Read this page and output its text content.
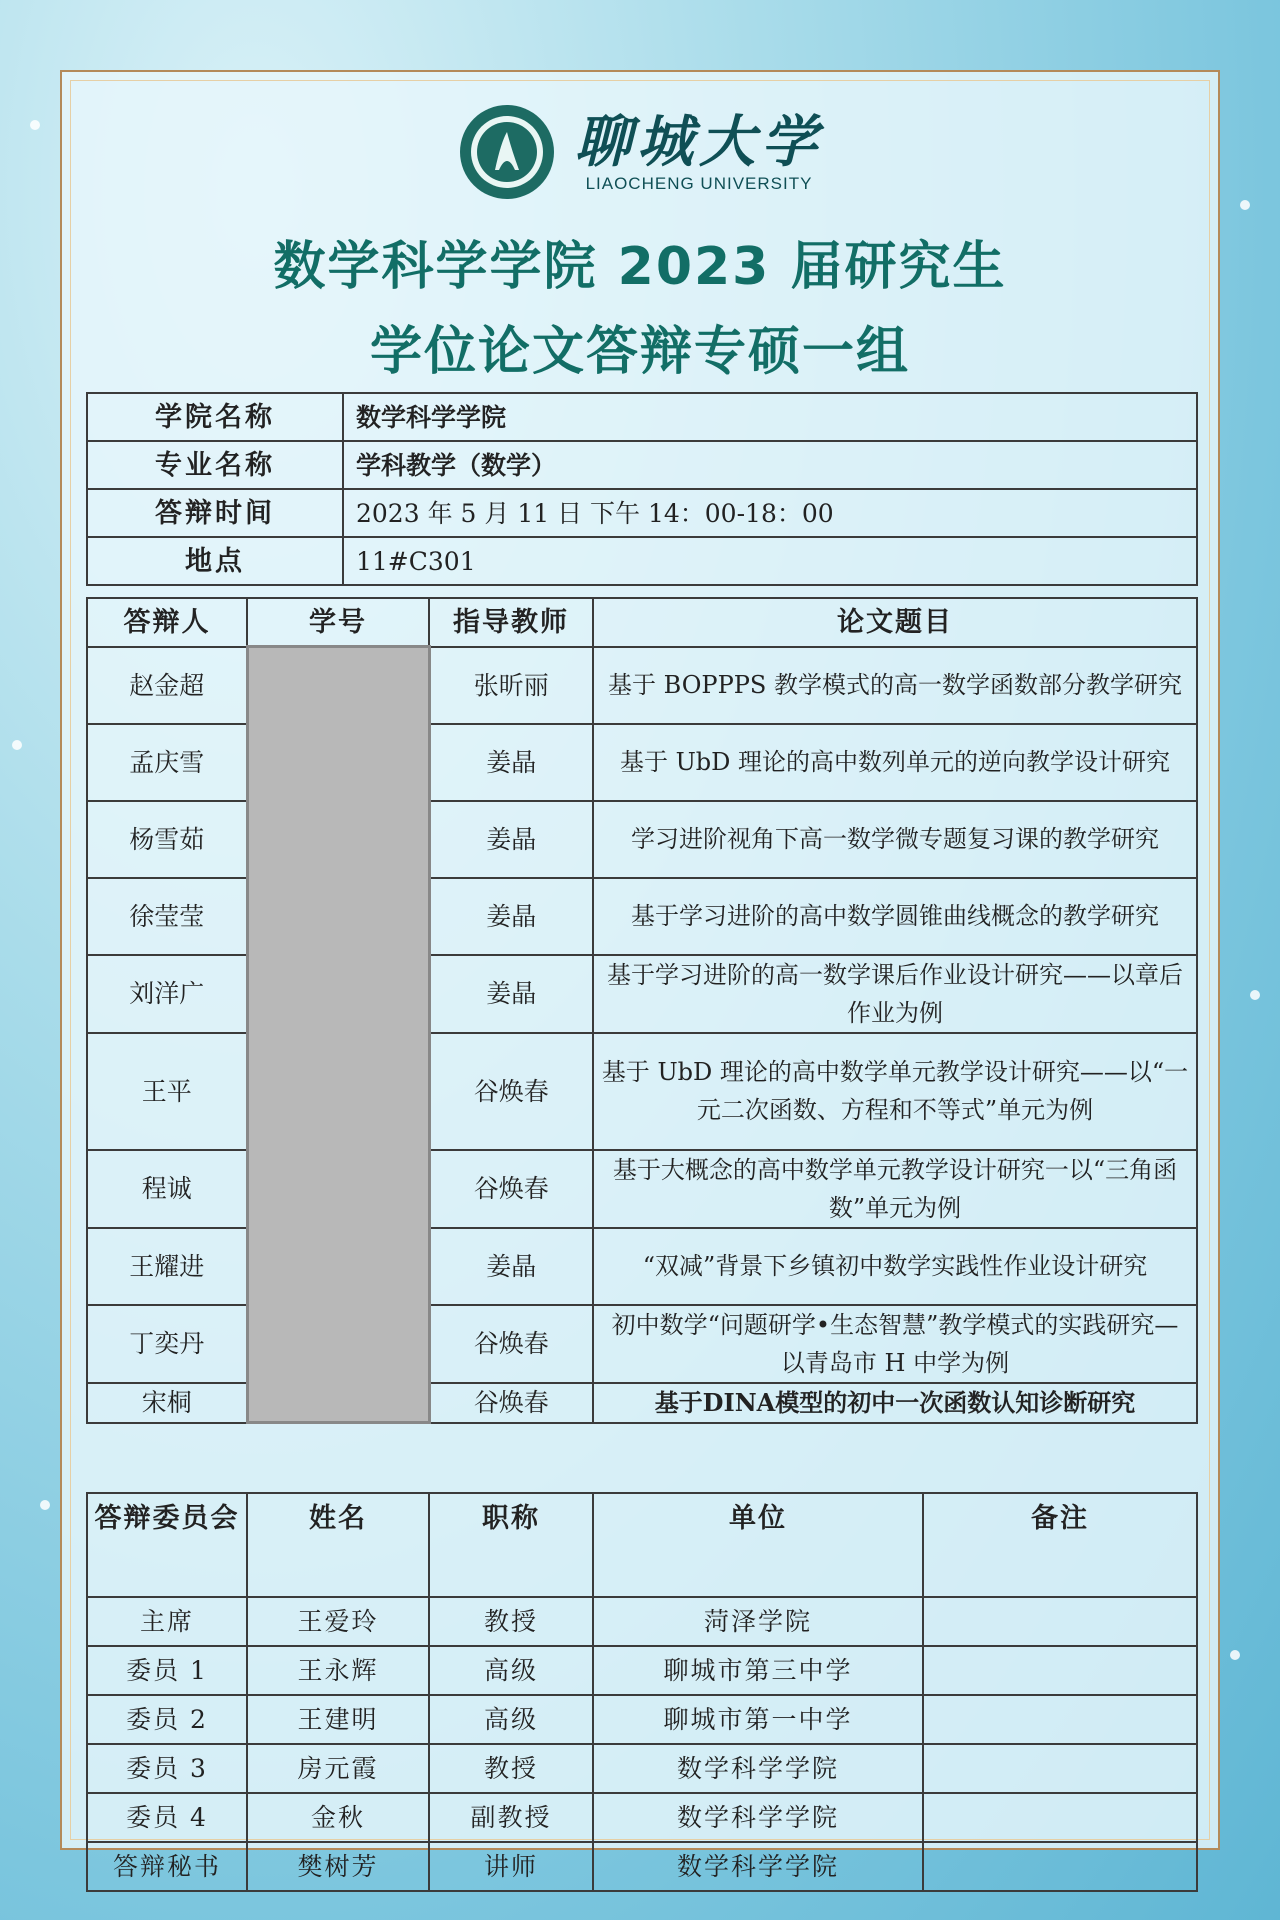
聊城大学
LIAOCHENG UNIVERSITY
数学科学学院 2023 届研究生
学位论文答辩专硕一组
学院名称	数学科学学院
专业名称	学科教学（数学）
答辩时间	2023 年 5 月 11 日 下午 14：00-18：00
地点	11#C301
答辩人	学号	指导教师	论文题目
赵金超		张昕丽	基于 BOPPPS 教学模式的高一数学函数部分教学研究
孟庆雪		姜晶	基于 UbD 理论的高中数列单元的逆向教学设计研究
杨雪茹		姜晶	学习进阶视角下高一数学微专题复习课的教学研究
徐莹莹		姜晶	基于学习进阶的高中数学圆锥曲线概念的教学研究
刘洋广		姜晶	基于学习进阶的高一数学课后作业设计研究——以章后作业为例
王平		谷焕春	基于 UbD 理论的高中数学单元教学设计研究——以“一元二次函数、方程和不等式”单元为例
程诚		谷焕春	基于大概念的高中数学单元教学设计研究一以“三角函数”单元为例
王耀进		姜晶	“双减”背景下乡镇初中数学实践性作业设计研究
丁奕丹		谷焕春	初中数学“问题研学•生态智慧”教学模式的实践研究—以青岛市 H 中学为例
宋桐		谷焕春	基于DINA模型的初中一次函数认知诊断研究
答辩委员会	姓名	职称	单位	备注
主席	王爱玲	教授	菏泽学院	
委员 1	王永辉	高级	聊城市第三中学	
委员 2	王建明	高级	聊城市第一中学	
委员 3	房元霞	教授	数学科学学院	
委员 4	金秋	副教授	数学科学学院	
答辩秘书	樊树芳	讲师	数学科学学院	
